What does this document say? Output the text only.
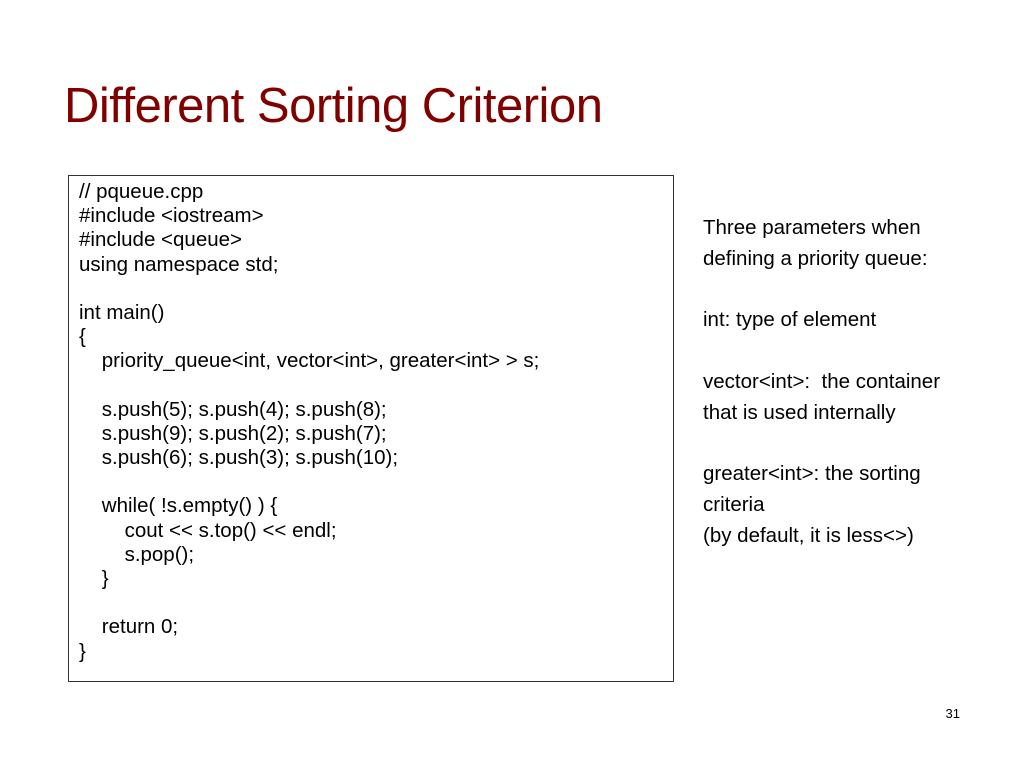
Different Sorting Criterion
// pqueue.cpp
#include <iostream>
#include <queue>
using namespace std;
int main()
{
priority_queue<int, vector<int>, greater<int> > s;
s.push(5); s.push(4); s.push(8);
s.push(9); s.push(2); s.push(7);
s.push(6); s.push(3); s.push(10);
while( !s.empty() ) {
cout << s.top() << endl;
s.pop();
}
return 0;
}
Three parameters when
defining a priority queue:
int: type of element
vector<int>:  the container
that is used internally
greater<int>: the sorting
criteria
(by default, it is less<>)
31
